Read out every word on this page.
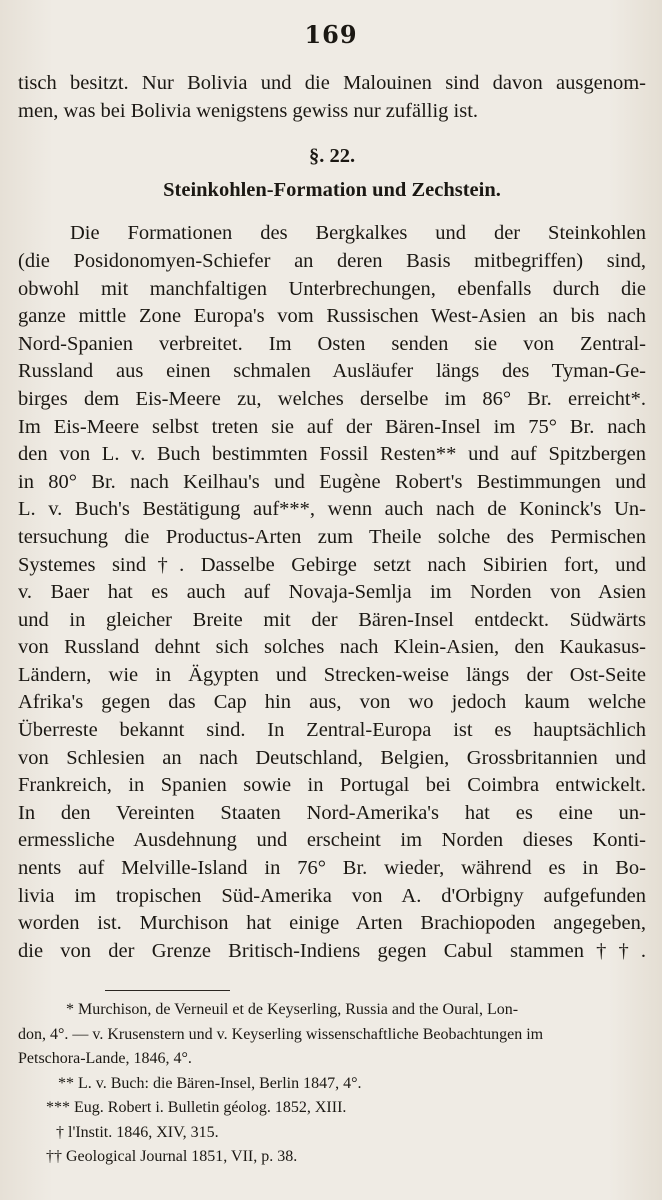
169
tisch besitzt. Nur Bolivia und die Malouinen sind davon ausgenom-
men, was bei Bolivia wenigstens gewiss nur zufällig ist.
§. 22.
Steinkohlen-Formation und Zechstein.
Die Formationen des Bergkalkes und der Steinkohlen
(die Posidonomyen-Schiefer an deren Basis mitbegriffen) sind,
obwohl mit manchfaltigen Unterbrechungen, ebenfalls durch die
ganze mittle Zone Europa's vom Russischen West-Asien an bis nach
Nord-Spanien verbreitet. Im Osten senden sie von Zentral-
Russland aus einen schmalen Ausläufer längs des Tyman-Ge-
birges dem Eis-Meere zu, welches derselbe im 86° Br. erreicht*.
Im Eis-Meere selbst treten sie auf der Bären-Insel im 75° Br. nach
den von L. v. Buch bestimmten Fossil Resten** und auf Spitzbergen
in 80° Br. nach Keilhau's und Eugène Robert's Bestimmungen und
L. v. Buch's Bestätigung auf***, wenn auch nach de Koninck's Un-
tersuchung die Productus-Arten zum Theile solche des Permischen
Systemes sind†. Dasselbe Gebirge setzt nach Sibirien fort, und
v. Baer hat es auch auf Novaja-Semlja im Norden von Asien
und in gleicher Breite mit der Bären-Insel entdeckt. Südwärts
von Russland dehnt sich solches nach Klein-Asien, den Kaukasus-
Ländern, wie in Ägypten und Strecken-weise längs der Ost-Seite
Afrika's gegen das Cap hin aus, von wo jedoch kaum welche
Überreste bekannt sind. In Zentral-Europa ist es hauptsächlich
von Schlesien an nach Deutschland, Belgien, Grossbritannien und
Frankreich, in Spanien sowie in Portugal bei Coimbra entwickelt.
In den Vereinten Staaten Nord-Amerika's hat es eine un-
ermessliche Ausdehnung und erscheint im Norden dieses Konti-
nents auf Melville-Island in 76° Br. wieder, während es in Bo-
livia im tropischen Süd-Amerika von A. d'Orbigny aufgefunden
worden ist. Murchison hat einige Arten Brachiopoden angegeben,
die von der Grenze Britisch-Indiens gegen Cabul stammen††.
* Murchison, de Verneuil et de Keyserling, Russia and the Oural, Lon-
don, 4°. — v. Krusenstern und v. Keyserling wissenschaftliche Beobachtungen im
Petschora-Lande, 1846, 4°.
** L. v. Buch: die Bären-Insel, Berlin 1847, 4°.
*** Eug. Robert i. Bulletin géolog. 1852, XIII.
† l'Instit. 1846, XIV, 315.
†† Geological Journal 1851, VII, p. 38.
